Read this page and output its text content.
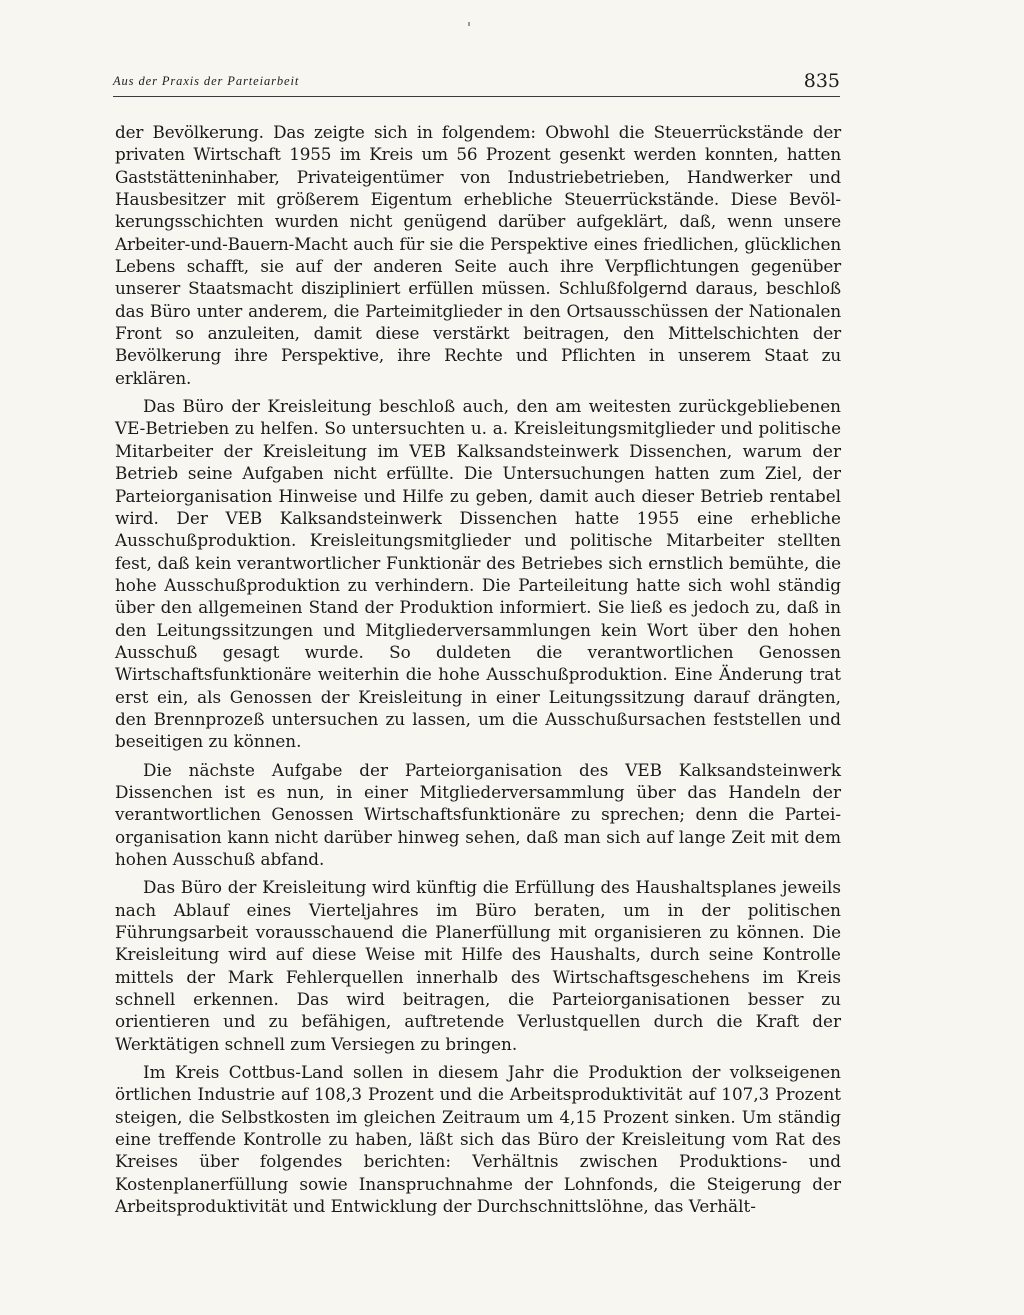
Aus der Praxis der Parteiarbeit	835

der Bevölkerung. Das zeigte sich in folgendem: Obwohl die Steuerrückstände der privaten Wirtschaft 1955 im Kreis um 56 Prozent gesenkt werden konnten, hatten Gaststätteninhaber, Privateigentümer von Industriebetrieben, Handwerker und Hausbesitzer mit größerem Eigentum erhebliche Steuerrückstände. Diese Bevölkerungsschichten wurden nicht genügend darüber aufgeklärt, daß, wenn unsere Arbeiter-und-Bauern-Macht auch für sie die Perspektive eines friedlichen, glücklichen Lebens schafft, sie auf der anderen Seite auch ihre Verpflichtungen gegenüber unserer Staatsmacht diszipliniert erfüllen müssen. Schlußfolgernd daraus, beschloß das Büro unter anderem, die Parteimitglieder in den Ortsausschüssen der Nationalen Front so anzuleiten, damit diese verstärkt beitragen, den Mittelschichten der Bevölkerung ihre Perspektive, ihre Rechte und Pflichten in unserem Staat zu erklären.

Das Büro der Kreisleitung beschloß auch, den am weitesten zurückgebliebenen VE-Betrieben zu helfen. So untersuchten u. a. Kreisleitungsmitglieder und politische Mitarbeiter der Kreisleitung im VEB Kalksandsteinwerk Dissenchen, warum der Betrieb seine Aufgaben nicht erfüllte. Die Untersuchungen hatten zum Ziel, der Parteiorganisation Hinweise und Hilfe zu geben, damit auch dieser Betrieb rentabel wird. Der VEB Kalksandsteinwerk Dissenchen hatte 1955 eine erhebliche Ausschußproduktion. Kreisleitungsmitglieder und politische Mitarbeiter stellten fest, daß kein verantwortlicher Funktionär des Betriebes sich ernstlich bemühte, die hohe Ausschußproduktion zu verhindern. Die Parteileitung hatte sich wohl ständig über den allgemeinen Stand der Produktion informiert. Sie ließ es jedoch zu, daß in den Leitungssitzungen und Mitgliederversammlungen kein Wort über den hohen Ausschuß gesagt wurde. So duldeten die verantwortlichen Genossen Wirtschaftsfunktionäre weiterhin die hohe Ausschußproduktion. Eine Änderung trat erst ein, als Genossen der Kreisleitung in einer Leitungssitzung darauf drängten, den Brennprozeß untersuchen zu lassen, um die Ausschußursachen feststellen und beseitigen zu können.

Die nächste Aufgabe der Parteiorganisation des VEB Kalksandsteinwerk Dissenchen ist es nun, in einer Mitgliederversammlung über das Handeln der verantwortlichen Genossen Wirtschaftsfunktionäre zu sprechen; denn die Parteiorganisation kann nicht darüber hinweg sehen, daß man sich auf lange Zeit mit dem hohen Ausschuß abfand.

Das Büro der Kreisleitung wird künftig die Erfüllung des Haushaltsplanes jeweils nach Ablauf eines Vierteljahres im Büro beraten, um in der politischen Führungsarbeit vorausschauend die Planerfüllung mit organisieren zu können. Die Kreisleitung wird auf diese Weise mit Hilfe des Haushalts, durch seine Kontrolle mittels der Mark Fehlerquellen innerhalb des Wirtschaftsgeschehens im Kreis schnell erkennen. Das wird beitragen, die Parteiorganisationen besser zu orientieren und zu befähigen, auftretende Verlustquellen durch die Kraft der Werktätigen schnell zum Versiegen zu bringen.

Im Kreis Cottbus-Land sollen in diesem Jahr die Produktion der volkseigenen örtlichen Industrie auf 108,3 Prozent und die Arbeitsproduktivität auf 107,3 Prozent steigen, die Selbstkosten im gleichen Zeitraum um 4,15 Prozent sinken. Um ständig eine treffende Kontrolle zu haben, läßt sich das Büro der Kreisleitung vom Rat des Kreises über folgendes berichten: Verhältnis zwischen Produktions- und Kostenplanerfüllung sowie Inanspruchnahme der Lohnfonds, die Steigerung der Arbeitsproduktivität und Entwicklung der Durchschnittslöhne, das Verhält-
